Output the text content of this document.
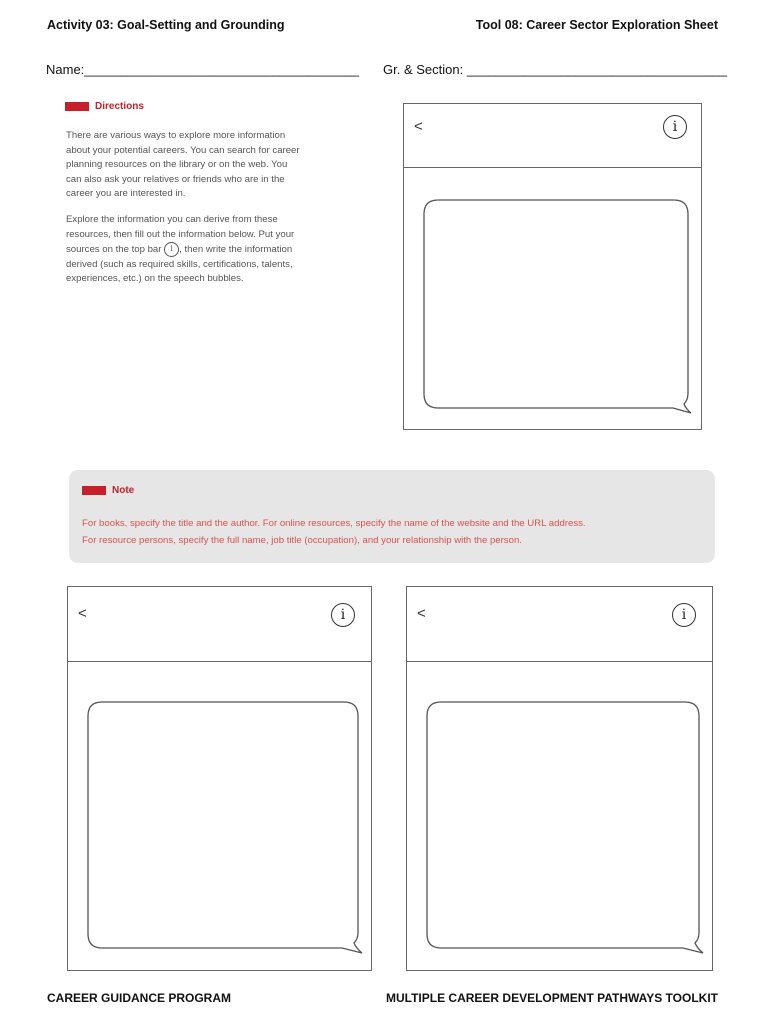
Activity 03: Goal-Setting and Grounding	Tool 08: Career Sector Exploration Sheet
Name:______________________________________ Gr. & Section: ____________________________________
Directions

There are various ways to explore more information

about your potential careers. You can search for career

planning resources on the library or on the web. You

can also ask your relatives or friends who are in the

career you are interested in.

Explore the information you can derive from these

resources, then fill out the information below. Put your

sources on the top bar i , then write the information

derived (such as required skills, certifications, talents,

experiences, etc.) on the speech bubbles.

<	i
Note

For books, specify the title and the author. For online resources, specify the name of the website and the URL address.

For resource persons, specify the full name, job title (occupation), and your relationship with the person.

<	i	<	i
CAREER GUIDANCE PROGRAM	MULTIPLE CAREER DEVELOPMENT PATHWAYS TOOLKIT
